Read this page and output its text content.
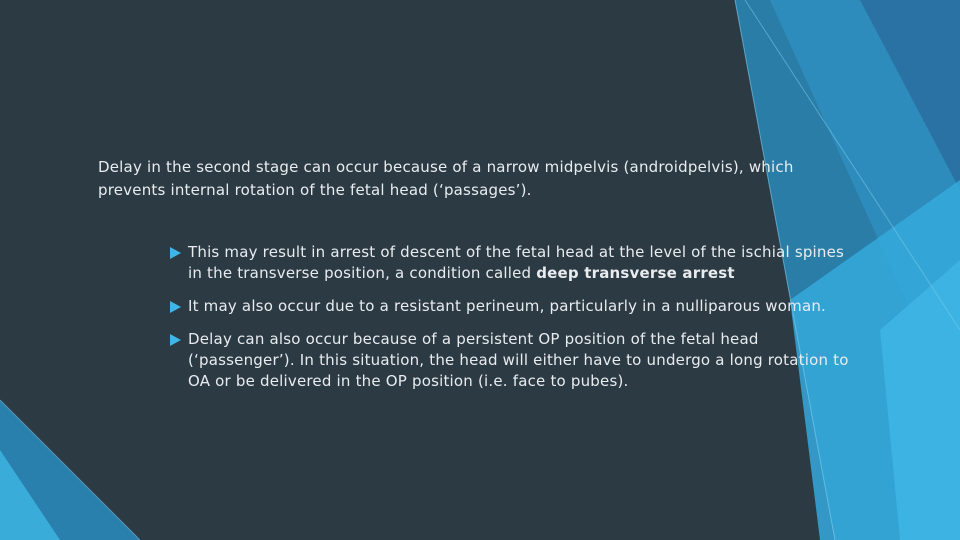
Delay in the second stage can occur because of a narrow midpelvis (androidpelvis), which prevents internal rotation of the fetal head (‘passages’).

This may result in arrest of descent of the fetal head at the level of the ischial spines in the transverse position, a condition called deep transverse arrest
It may also occur due to a resistant perineum, particularly in a nulliparous woman.
Delay can also occur because of a persistent OP position of the fetal head (‘passenger’). In this situation, the head will either have to undergo a long rotation to OA or be delivered in the OP position (i.e. face to pubes).
